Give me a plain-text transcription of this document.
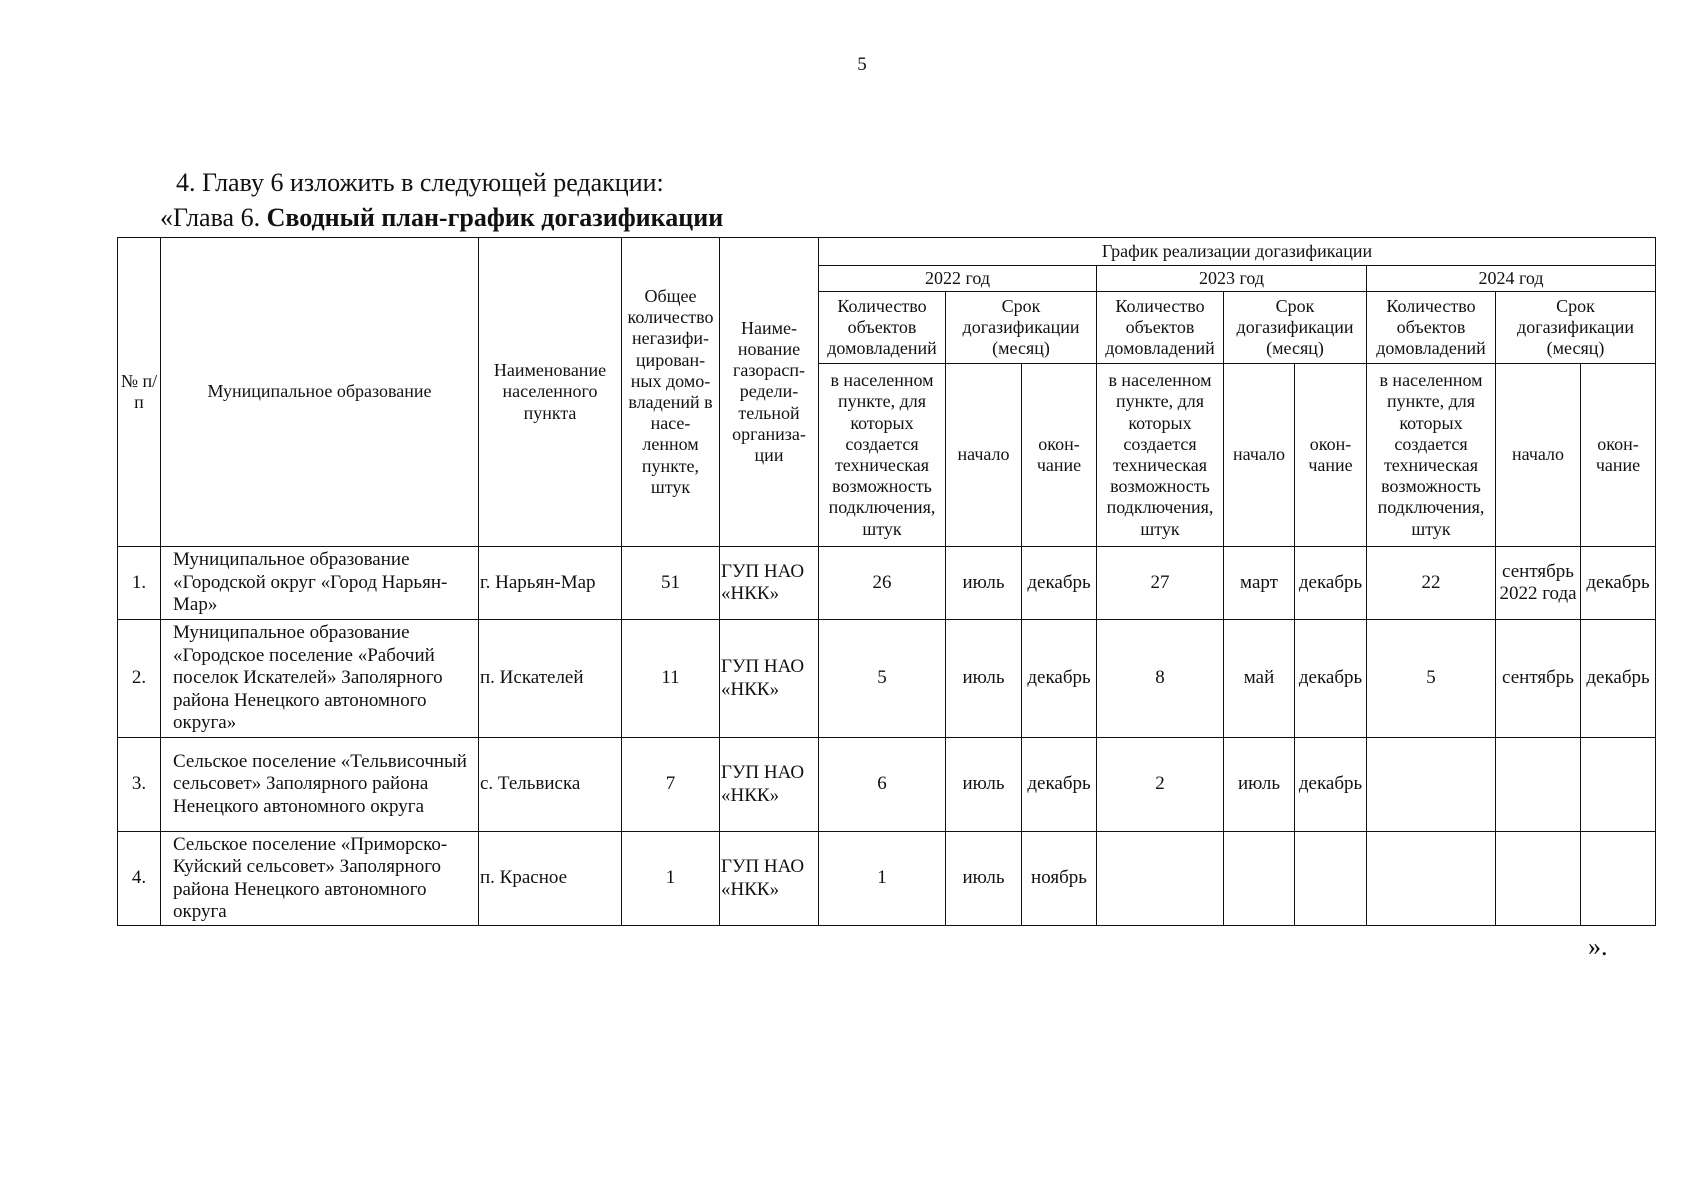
5
4. Главу 6 изложить в следующей редакции:
«Глава 6. Сводный план-график догазификации
№ п/п	Муниципальное образование	Наименование населенного пункта	Общее количество негазифи-цирован-ных домо-владений в насе-ленном пункте, штук	Наиме-нование газорасп-редели-тельной организа-ции	График реализации догазификации								
					2022 год			2023 год			2024 год		
					Количество объектов домовладений	Срок догазификации (месяц)		Количество объектов домовладений	Срок догазификации (месяц)		Количество объектов домовладений	Срок догазификации (месяц)	
					в населенном пункте, для которых создается техническая возможность подключения, штук	начало	окон-чание	в населенном пункте, для которых создается техническая возможность подключения, штук	начало	окон-чание	в населенном пункте, для которых создается техническая возможность подключения, штук	начало	окон-чание
1.	Муниципальное образование «Городской округ «Город Нарьян-Мар»	г. Нарьян-Мар	51	ГУП НАО «НКК»	26	июль	декабрь	27	март	декабрь	22	сентябрь 2022 года	декабрь
2.	Муниципальное образование «Городское поселение «Рабочий поселок Искателей» Заполярного района Ненецкого автономного округа»	п. Искателей	11	ГУП НАО «НКК»	5	июль	декабрь	8	май	декабрь	5	сентябрь	декабрь
3.	Сельское поселение «Тельвисочный сельсовет» Заполярного района Ненецкого автономного округа	с. Тельвиска	7	ГУП НАО «НКК»	6	июль	декабрь	2	июль	декабрь			
4.	Сельское поселение «Приморско-Куйский сельсовет» Заполярного района Ненецкого автономного округа	п. Красное	1	ГУП НАО «НКК»	1	июль	ноябрь						
».
